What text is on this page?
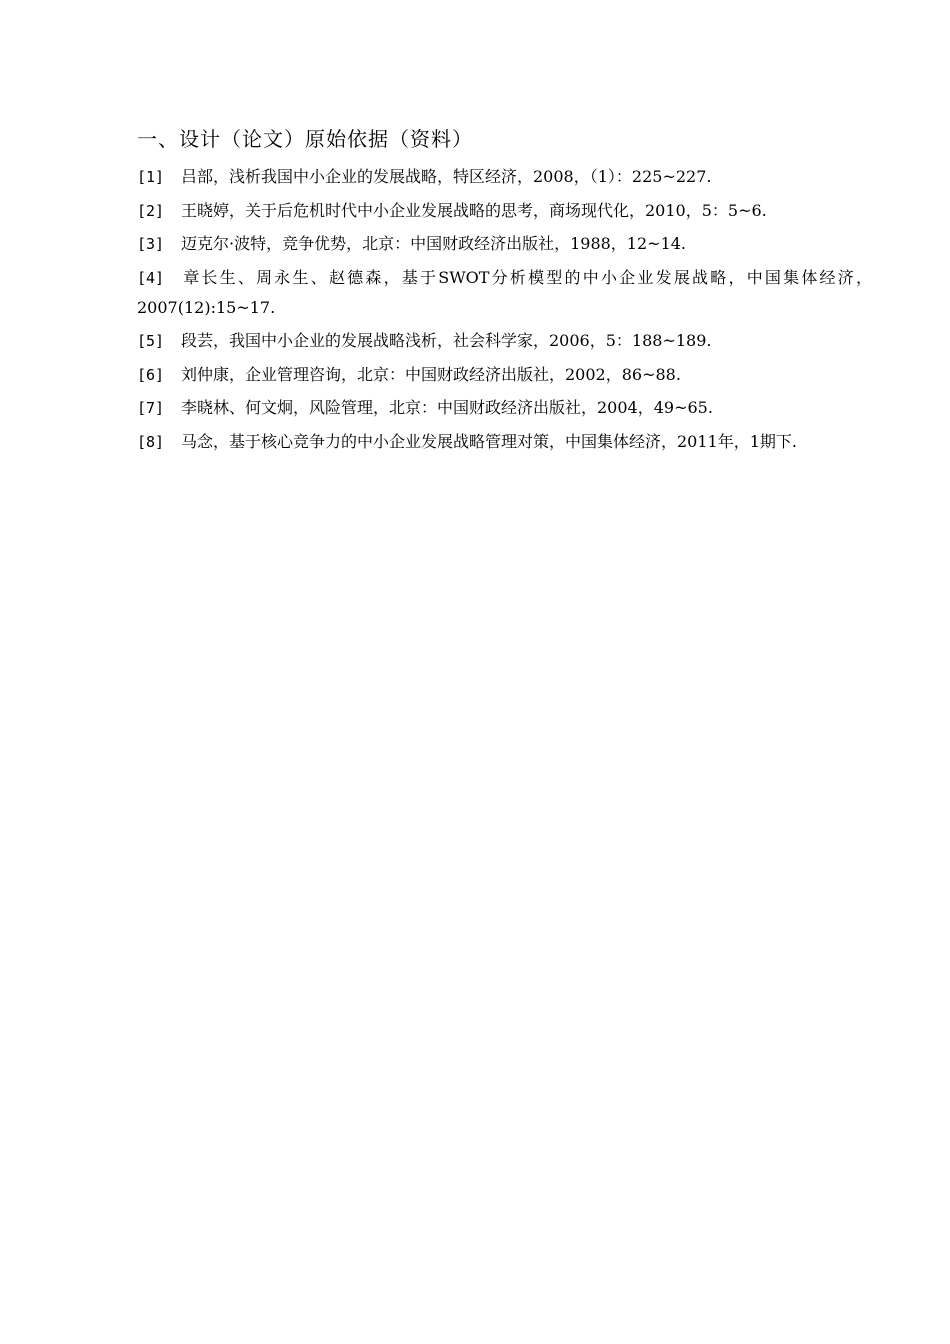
一、设计（论文）原始依据（资料）
[1] 吕部，浅析我国中小企业的发展战略，特区经济，2008，（1）：225~227.
[2] 王晓婷，关于后危机时代中小企业发展战略的思考，商场现代化，2010，5：5~6.
[3] 迈克尔·波特，竞争优势，北京：中国财政经济出版社，1988，12~14.
[4] 章长生、周永生、赵德森，基于SWOT分析模型的中小企业发展战略，中国集体经济，2007(12):15~17.
[5] 段芸，我国中小企业的发展战略浅析，社会科学家，2006，5：188~189.
[6] 刘仲康，企业管理咨询，北京：中国财政经济出版社，2002，86~88.
[7] 李晓林、何文炯，风险管理，北京：中国财政经济出版社，2004，49~65.
[8] 马念，基于核心竞争力的中小企业发展战略管理对策，中国集体经济，2011年，1期下.
